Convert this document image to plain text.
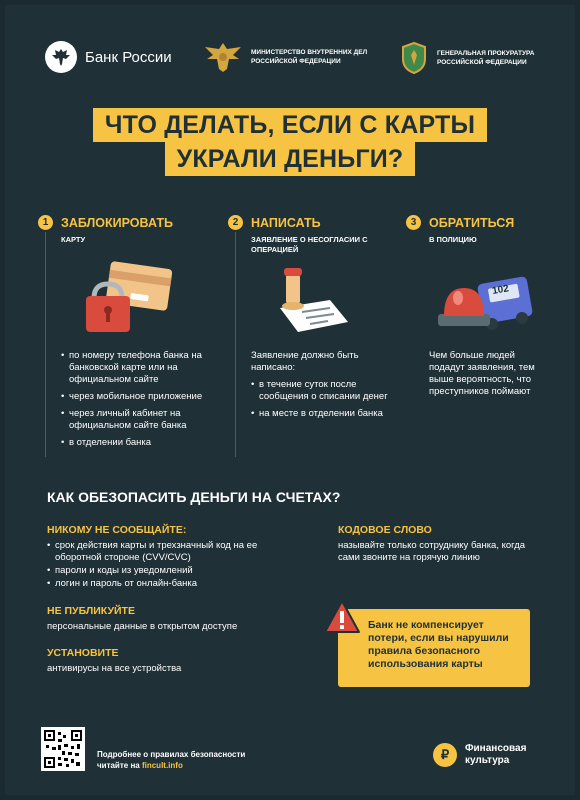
Банк России	МИНИСТЕРСТВО ВНУТРЕННИХ ДЕЛ РОССИЙСКОЙ ФЕДЕРАЦИИ
ГЕНЕРАЛЬНАЯ ПРОКУРАТУРА РОССИЙСКОЙ ФЕДЕРАЦИИ
ЧТО ДЕЛАТЬ, ЕСЛИ С КАРТЫ
УКРАЛИ ДЕНЬГИ?
1	ЗАБЛОКИРОВАТЬ
КАРТУ
• по номеру телефона банка на банковской карте или на официальном сайте
• через мобильное приложение
• через личный кабинет на официальном сайте банка
• в отделении банка
2	НАПИСАТЬ
ЗАЯВЛЕНИЕ О НЕСОГЛАСИИ С ОПЕРАЦИЕЙ
Заявление должно быть написано:
• в течение суток после сообщения о списании денег
• на месте в отделении банка
3	ОБРАТИТЬСЯ
В ПОЛИЦИЮ
102
Чем больше людей подадут заявления, тем выше вероятность, что преступников поймают
КАК ОБЕЗОПАСИТЬ ДЕНЬГИ НА СЧЕТАХ?
НИКОМУ НЕ СООБЩАЙТЕ:
• срок действия карты и трехзначный код на ее оборотной стороне (CVV/CVC)
• пароли и коды из уведомлений
• логин и пароль от онлайн-банка
НЕ ПУБЛИКУЙТЕ
персональные данные в открытом доступе
УСТАНОВИТЕ
антивирусы на все устройства
КОДОВОЕ СЛОВО
называйте только сотруднику банка, когда сами звоните на горячую линию
Банк не компенсирует потери, если вы нарушили правила безопасного использования карты
Подробнее о правилах безопасности
читайте на fincult.info
₽	Финансовая
культура
